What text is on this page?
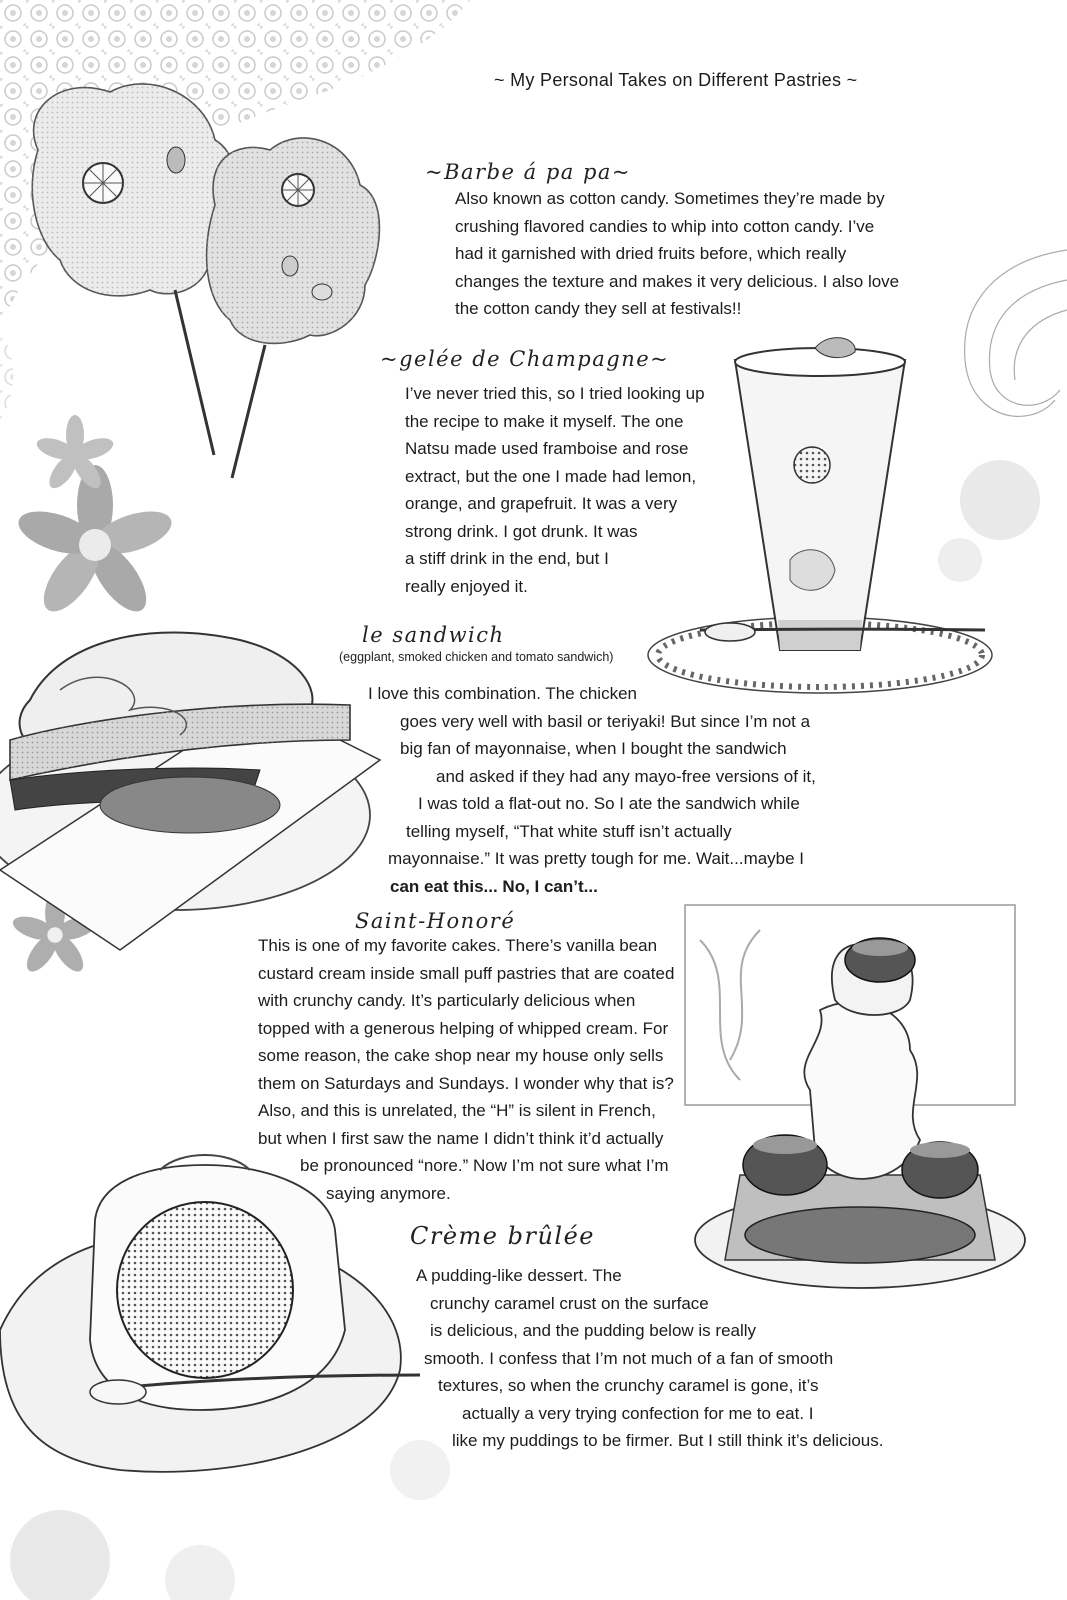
~ My Personal Takes on Different Pastries ~
~Barbe á pa pa~
Also known as cotton candy. Sometimes they’re made by
crushing flavored candies to whip into cotton candy. I’ve
had it garnished with dried fruits before, which really
changes the texture and makes it very delicious. I also love
the cotton candy they sell at festivals!!
~gelée de Champagne~
I’ve never tried this, so I tried looking up
the recipe to make it myself. The one
Natsu made used framboise and rose
extract, but the one I made had lemon,
orange, and grapefruit. It was a very
strong drink. I got drunk. It was
a stiff drink in the end, but I
really enjoyed it.
le sandwich
(eggplant, smoked chicken and tomato sandwich)
I love this combination. The chicken
goes very well with basil or teriyaki! But since I’m not a
big fan of mayonnaise, when I bought the sandwich
and asked if they had any mayo-free versions of it,
I was told a flat-out no. So I ate the sandwich while
telling myself, “That white stuff isn’t actually
mayonnaise.” It was pretty tough for me. Wait...maybe I
can eat this... No, I can’t...
Saint-Honoré
This is one of my favorite cakes. There’s vanilla bean
custard cream inside small puff pastries that are coated
with crunchy candy. It’s particularly delicious when
topped with a generous helping of whipped cream. For
some reason, the cake shop near my house only sells
them on Saturdays and Sundays. I wonder why that is?
Also, and this is unrelated, the “H” is silent in French,
but when I first saw the name I didn’t think it’d actually
be pronounced “nore.” Now I’m not sure what I’m
saying anymore.
Crème brûlée
A pudding-like dessert. The
crunchy caramel crust on the surface
is delicious, and the pudding below is really
smooth. I confess that I’m not much of a fan of smooth
textures, so when the crunchy caramel is gone, it’s
actually a very trying confection for me to eat. I
like my puddings to be firmer. But I still think it’s delicious.
